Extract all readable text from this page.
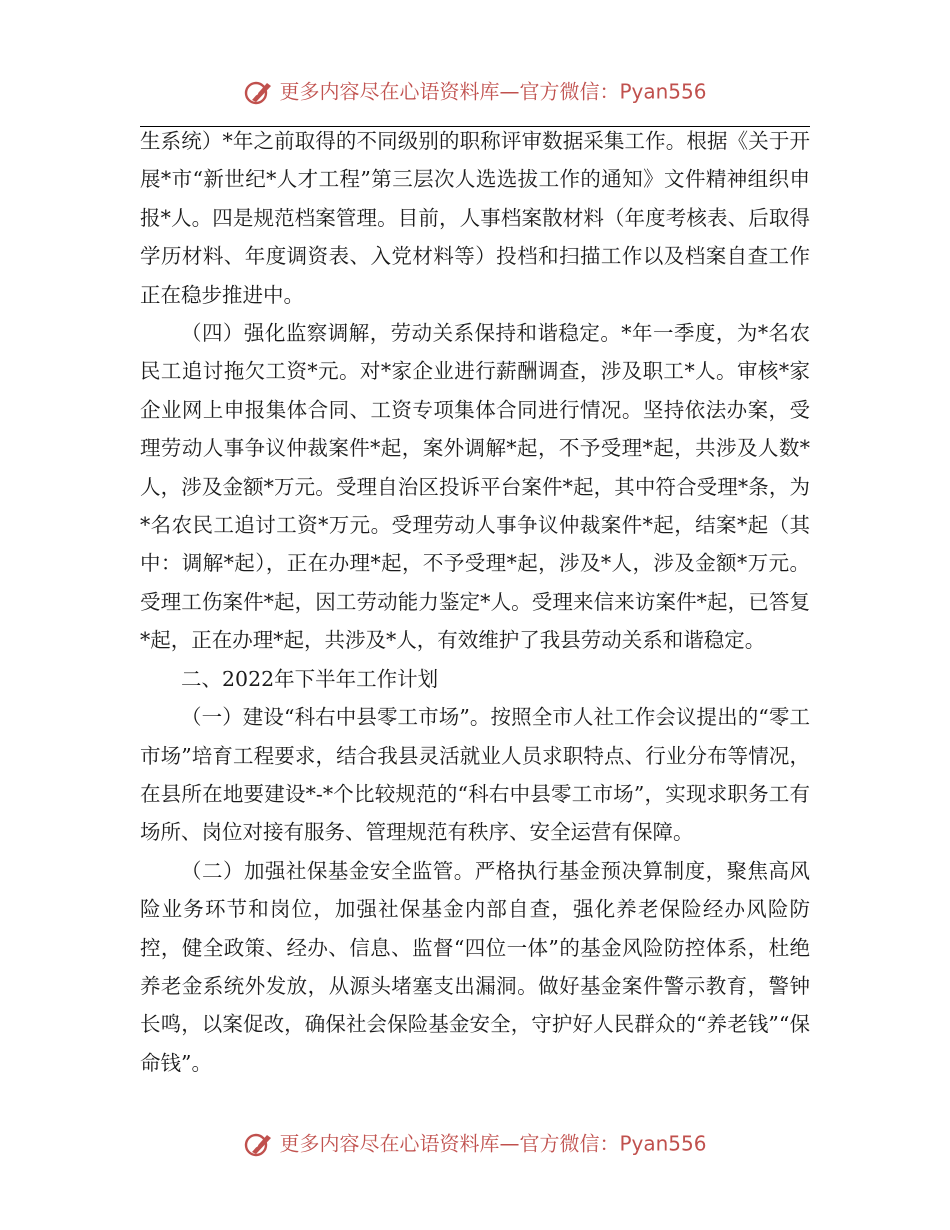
更多内容尽在心语资料库—官方微信：Pyan556

生系统）*年之前取得的不同级别的职称评审数据采集工作。根据《关于开展*市“新世纪*人才工程”第三层次人选选拔工作的通知》文件精神组织申报*人。四是规范档案管理。目前，人事档案散材料（年度考核表、后取得学历材料、年度调资表、入党材料等）投档和扫描工作以及档案自查工作正在稳步推进中。

（四）强化监察调解，劳动关系保持和谐稳定。*年一季度，为*名农民工追讨拖欠工资*元。对*家企业进行薪酬调查，涉及职工*人。审核*家企业网上申报集体合同、工资专项集体合同进行情况。坚持依法办案，受理劳动人事争议仲裁案件*起，案外调解*起，不予受理*起，共涉及人数*人，涉及金额*万元。受理自治区投诉平台案件*起，其中符合受理*条，为*名农民工追讨工资*万元。受理劳动人事争议仲裁案件*起，结案*起（其中：调解*起），正在办理*起，不予受理*起，涉及*人，涉及金额*万元。受理工伤案件*起，因工劳动能力鉴定*人。受理来信来访案件*起，已答复*起，正在办理*起，共涉及*人，有效维护了我县劳动关系和谐稳定。

二、2022年下半年工作计划

（一）建设“科右中县零工市场”。按照全市人社工作会议提出的“零工市场”培育工程要求，结合我县灵活就业人员求职特点、行业分布等情况，在县所在地要建设*-*个比较规范的“科右中县零工市场”，实现求职务工有场所、岗位对接有服务、管理规范有秩序、安全运营有保障。

（二）加强社保基金安全监管。严格执行基金预决算制度，聚焦高风险业务环节和岗位，加强社保基金内部自查，强化养老保险经办风险防控，健全政策、经办、信息、监督“四位一体”的基金风险防控体系，杜绝养老金系统外发放，从源头堵塞支出漏洞。做好基金案件警示教育，警钟长鸣，以案促改，确保社会保险基金安全，守护好人民群众的“养老钱”“保命钱”。

更多内容尽在心语资料库—官方微信：Pyan556
